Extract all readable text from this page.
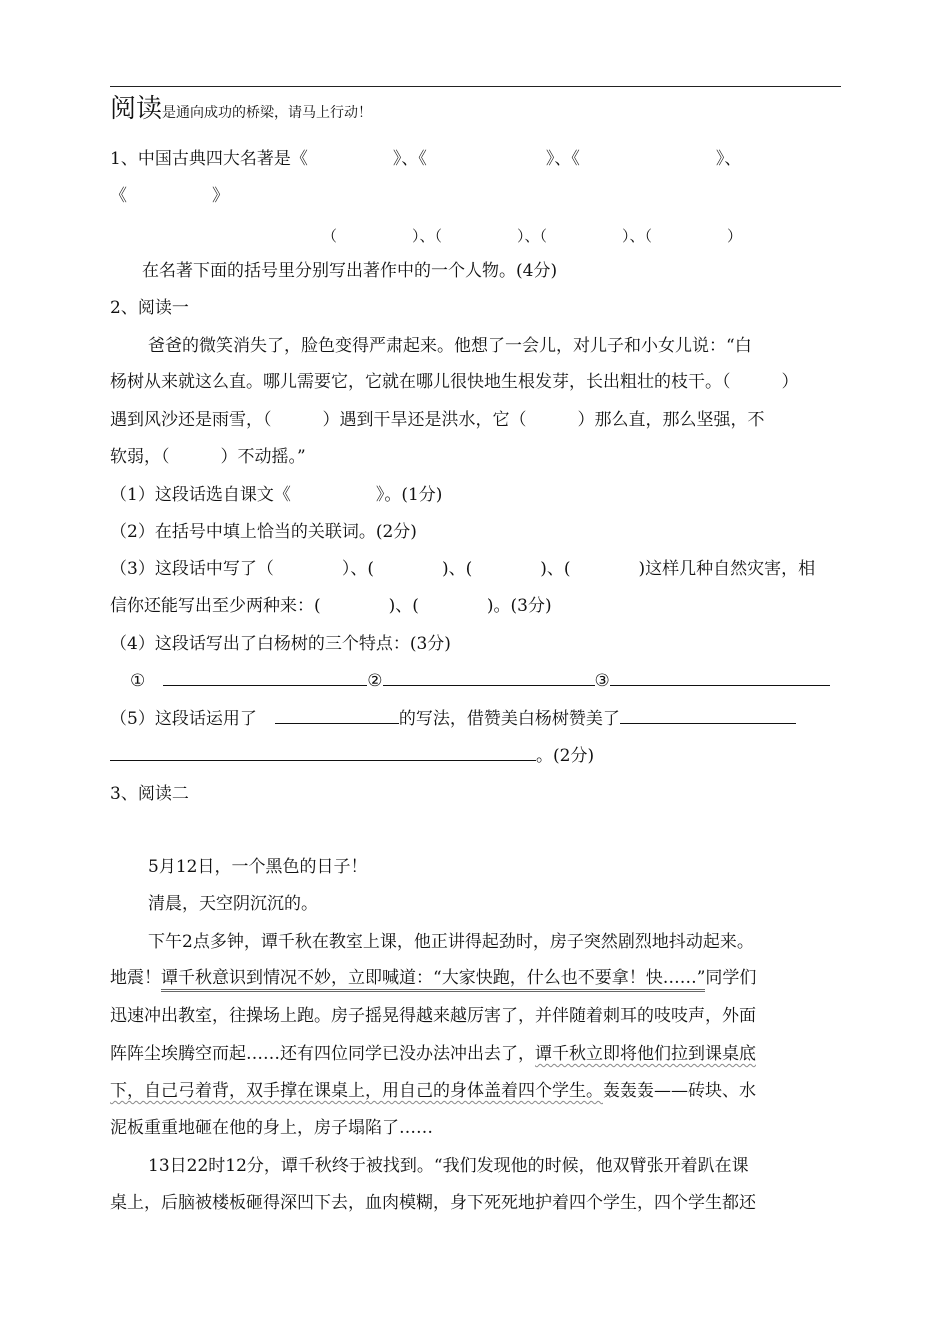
阅读是通向成功的桥梁，请马上行动！
1、中国古典四大名著是《　　　　　》、《　　　　　　　》、《　　　　　　　　》、
《　　　　　》
（　　　　　）、（　　　　　）、（　　　　　）、（　　　　　）
在名著下面的括号里分别写出著作中的一个人物。(4分)
2、阅读一
爸爸的微笑消失了，脸色变得严肃起来。他想了一会儿，对儿子和小女儿说：“白
杨树从来就这么直。哪儿需要它，它就在哪儿很快地生根发芽，长出粗壮的枝干。（　　　）
遇到风沙还是雨雪，（　　　）遇到干旱还是洪水，它（　　　）那么直，那么坚强，不
软弱，（　　　）不动摇。”
（1）这段话选自课文《　　　　　》。(1分)
（2）在括号中填上恰当的关联词。(2分)
（3）这段话中写了（　　　　）、(　　　　)、(　　　　)、(　　　　)这样几种自然灾害，相
信你还能写出至少两种来：(　　　　)、(　　　　)。(3分)
（4）这段话写出了白杨树的三个特点：(3分)
①	②	③
（5）这段话运用了	的写法，借赞美白杨树赞美了
。(2分)
3、阅读二
5月12日，一个黑色的日子！
清晨，天空阴沉沉的。
下午2点多钟，谭千秋在教室上课，他正讲得起劲时，房子突然剧烈地抖动起来。
地震！谭千秋意识到情况不妙，立即喊道：“大家快跑，什么也不要拿！快……”同学们
迅速冲出教室，往操场上跑。房子摇晃得越来越厉害了，并伴随着刺耳的吱吱声，外面
阵阵尘埃腾空而起……还有四位同学已没办法冲出去了，谭千秋立即将他们拉到课桌底
下，自己弓着背，双手撑在课桌上，用自己的身体盖着四个学生。轰轰轰——砖块、水
泥板重重地砸在他的身上，房子塌陷了……
13日22时12分，谭千秋终于被找到。“我们发现他的时候，他双臂张开着趴在课
桌上，后脑被楼板砸得深凹下去，血肉模糊，身下死死地护着四个学生，四个学生都还
